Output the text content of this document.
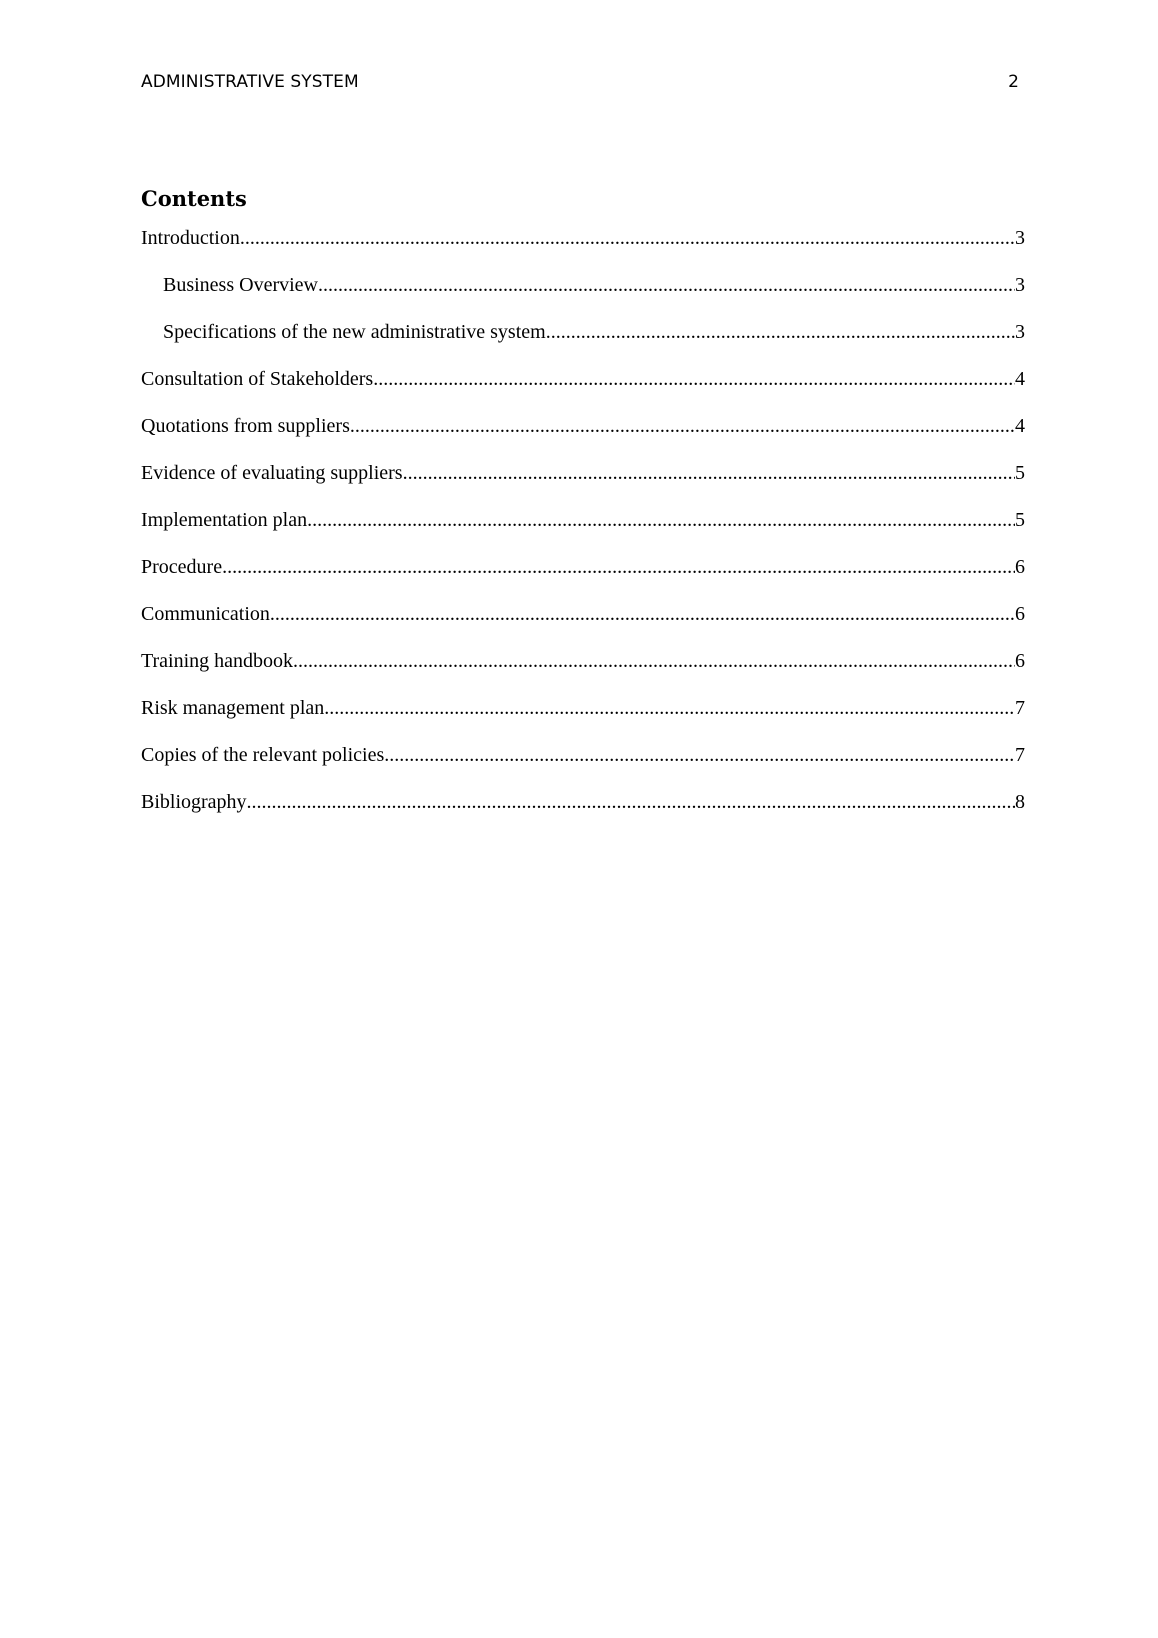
ADMINISTRATIVE SYSTEM	2
Contents
Introduction .....	3
Business Overview .....	3
Specifications of the new administrative system .....	3
Consultation of Stakeholders .....	4
Quotations from suppliers .....	4
Evidence of evaluating suppliers .....	5
Implementation plan .....	5
Procedure .....	6
Communication .....	6
Training handbook .....	6
Risk management plan .....	7
Copies of the relevant policies .....	7
Bibliography .....	8
